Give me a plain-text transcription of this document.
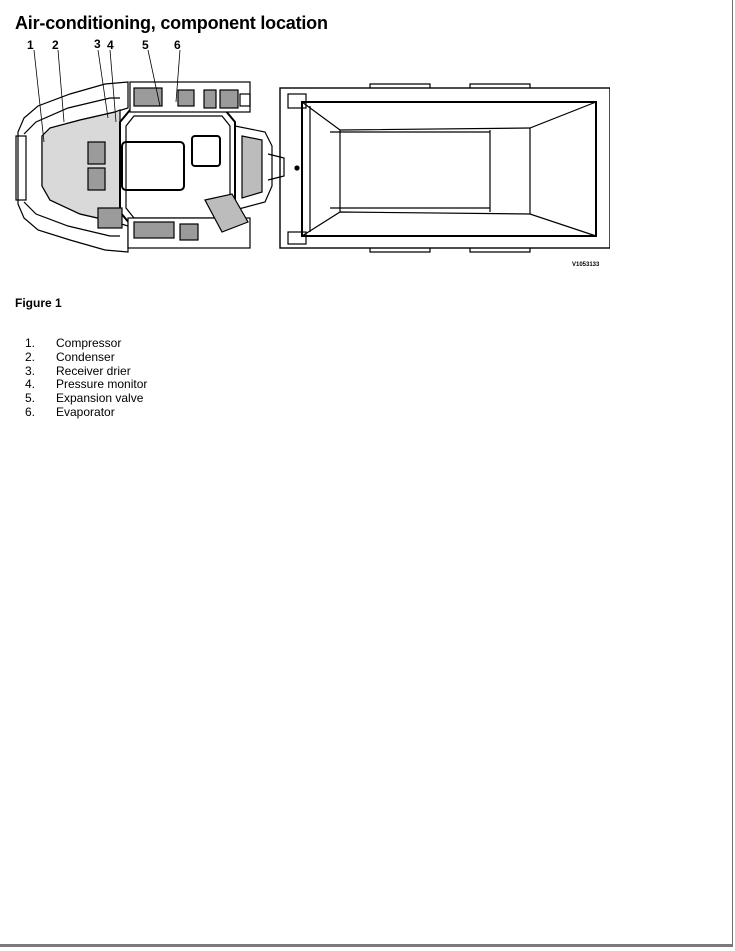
Air-conditioning, component location
1 2	3 4 5 6
V1053133

Figure 1

1.	Compressor
2.	Condenser
3.	Receiver drier
4.	Pressure monitor
5.	Expansion valve
6.	Evaporator
